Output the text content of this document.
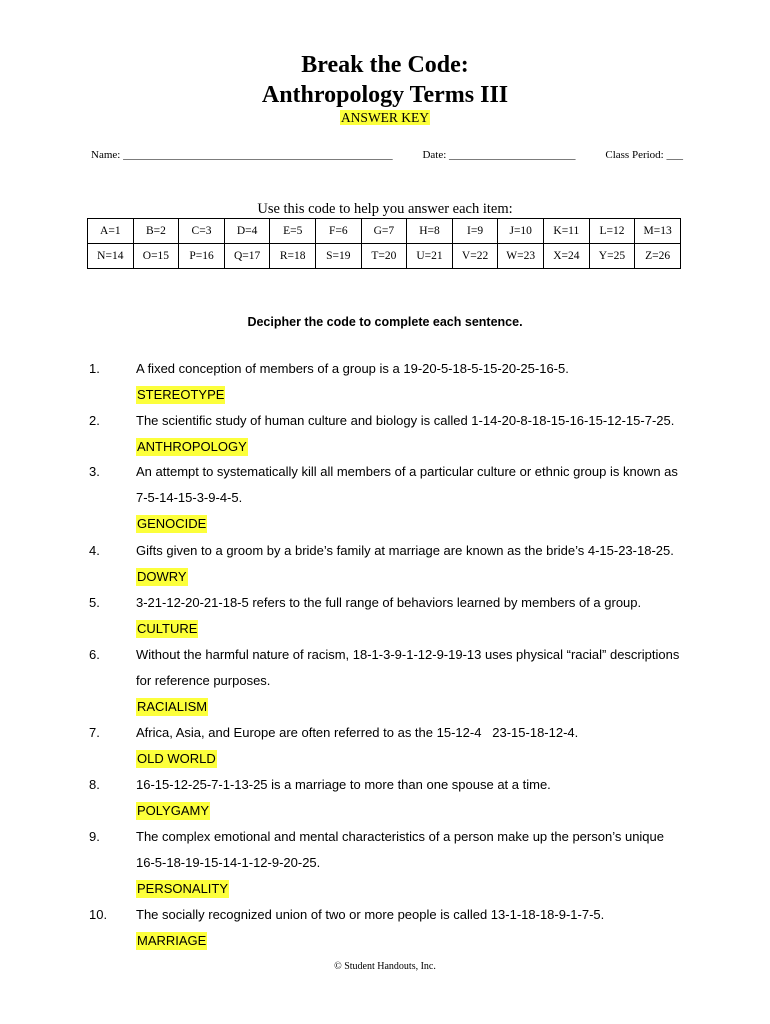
Break the Code:
Anthropology Terms III
ANSWER KEY
Name: _________________________________________________	Date: _______________________	Class Period: ___
Use this code to help you answer each item:
A=1	B=2	C=3	D=4	E=5	F=6	G=7	H=8	I=9	J=10	K=11	L=12	M=13
N=14	O=15	P=16	Q=17	R=18	S=19	T=20	U=21	V=22	W=23	X=24	Y=25	Z=26
Decipher the code to complete each sentence.
1.	A fixed conception of members of a group is a 19-20-5-18-5-15-20-25-16-5.
STEREOTYPE
2.	The scientific study of human culture and biology is called 1-14-20-8-18-15-16-15-12-15-7-25.
ANTHROPOLOGY
3.	An attempt to systematically kill all members of a particular culture or ethnic group is known as
7-5-14-15-3-9-4-5.
GENOCIDE
4.	Gifts given to a groom by a bride’s family at marriage are known as the bride’s 4-15-23-18-25.
DOWRY
5.	3-21-12-20-21-18-5 refers to the full range of behaviors learned by members of a group.
CULTURE
6.	Without the harmful nature of racism, 18-1-3-9-1-12-9-19-13 uses physical “racial” descriptions
for reference purposes.
RACIALISM
7.	Africa, Asia, and Europe are often referred to as the 15-12-4   23-15-18-12-4.
OLD WORLD
8.	16-15-12-25-7-1-13-25 is a marriage to more than one spouse at a time.
POLYGAMY
9.	The complex emotional and mental characteristics of a person make up the person’s unique
16-5-18-19-15-14-1-12-9-20-25.
PERSONALITY
10. The socially recognized union of two or more people is called 13-1-18-18-9-1-7-5.
MARRIAGE
© Student Handouts, Inc.
